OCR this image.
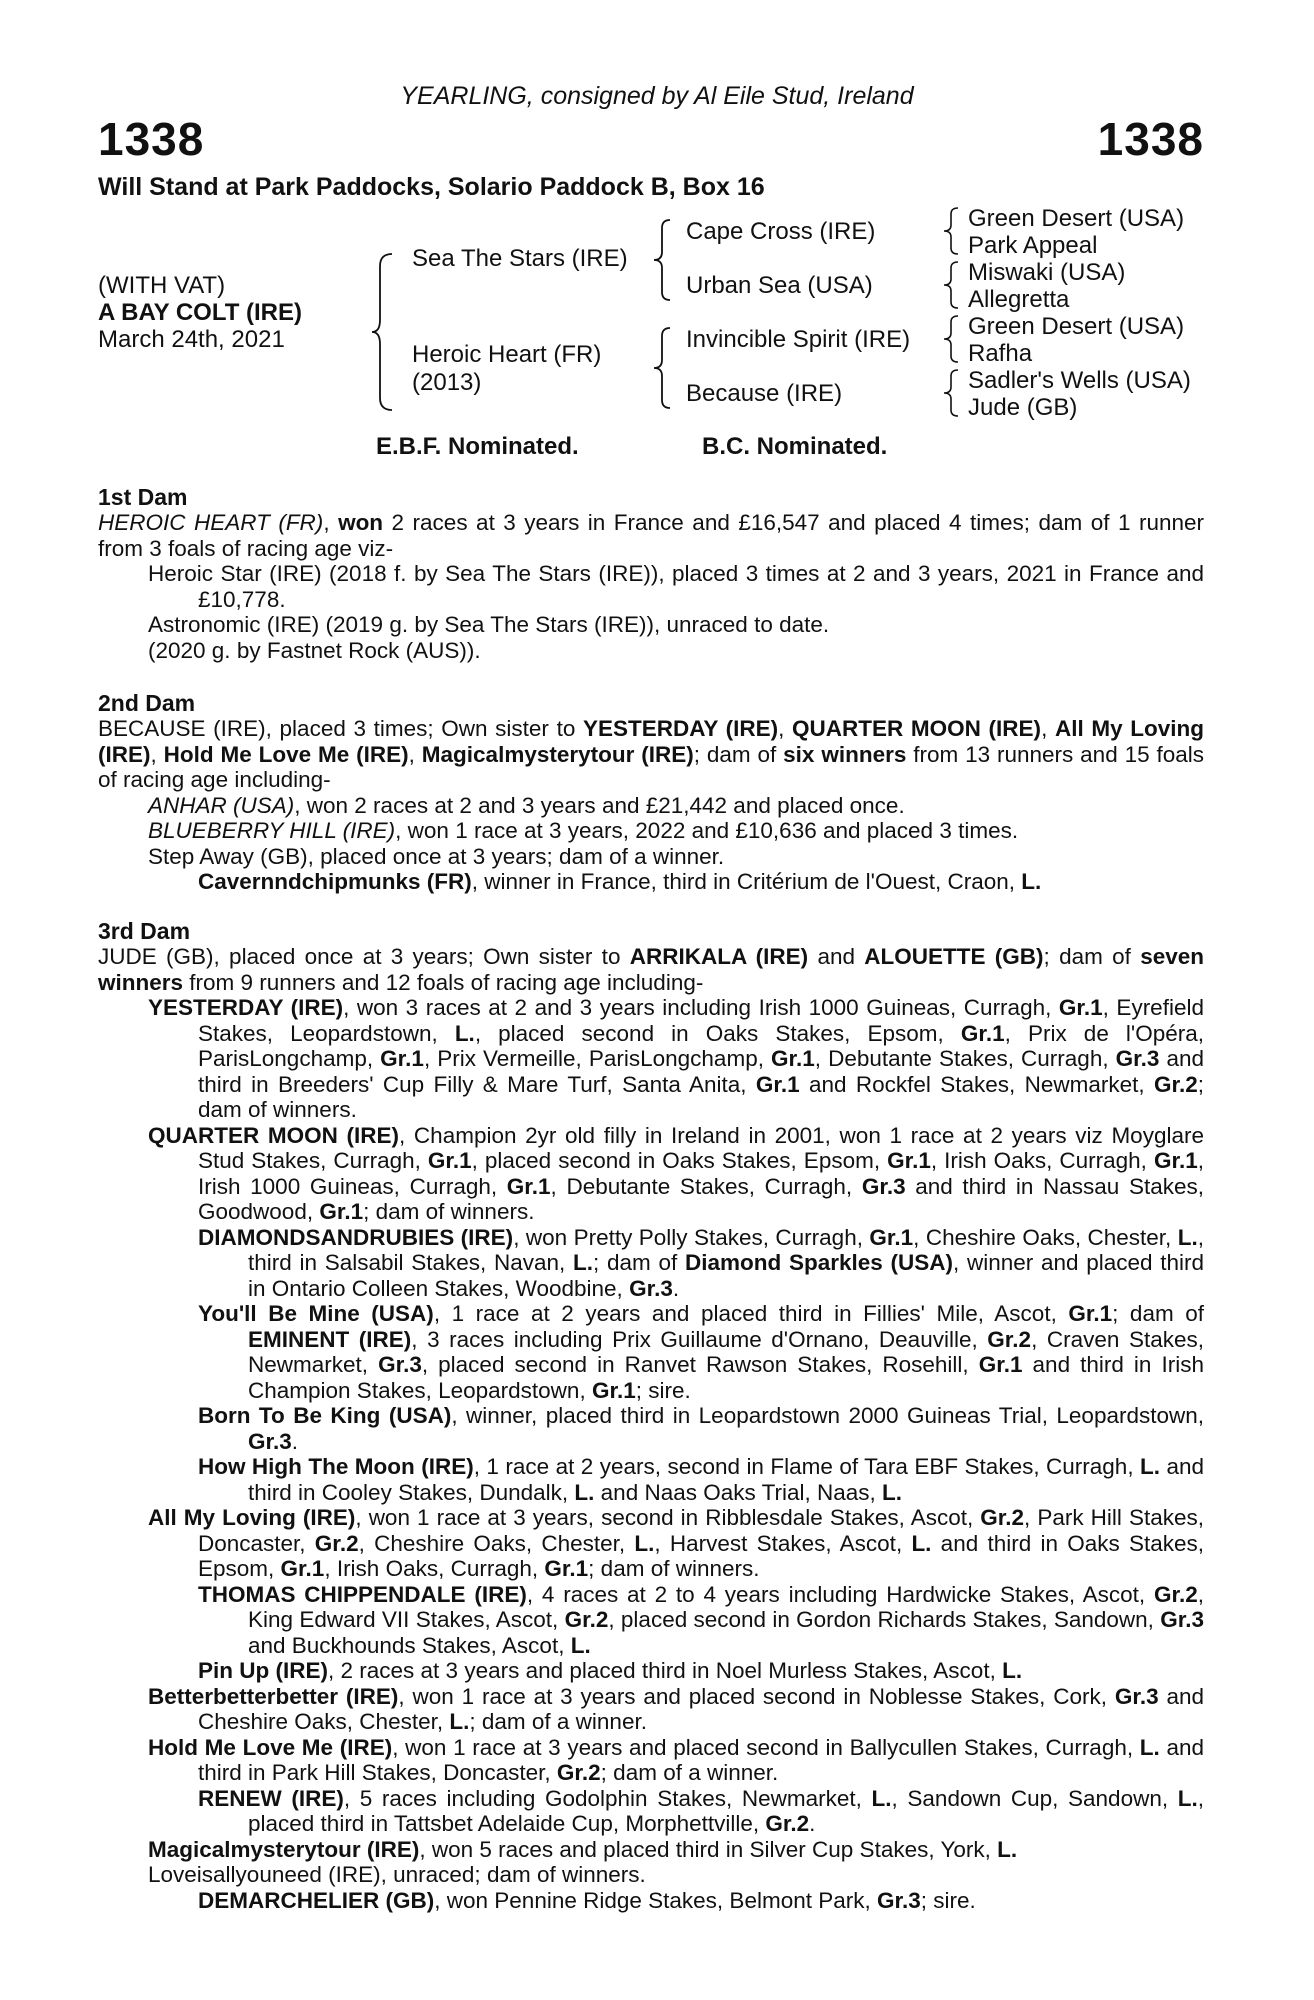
YEARLING, consigned by Al Eile Stud, Ireland
1338	1338
Will Stand at Park Paddocks, Solario Paddock B, Box 16
(WITH VAT)
A BAY COLT (IRE)
March 24th, 2021
Sea The Stars (IRE)
Heroic Heart (FR)
(2013)
Cape Cross (IRE)
Urban Sea (USA)
Invincible Spirit (IRE)
Because (IRE)
Green Desert (USA)
Park Appeal
Miswaki (USA)
Allegretta
Green Desert (USA)
Rafha
Sadler's Wells (USA)
Jude (GB)
E.B.F. Nominated.	B.C. Nominated.
1st Dam

HEROIC HEART (FR), won 2 races at 3 years in France and £16,547 and placed 4 times; dam of 1 runner from 3 foals of racing age viz-

Heroic Star (IRE) (2018 f. by Sea The Stars (IRE)), placed 3 times at 2 and 3 years, 2021 in France and £10,778.

Astronomic (IRE) (2019 g. by Sea The Stars (IRE)), unraced to date.

(2020 g. by Fastnet Rock (AUS)).

2nd Dam

BECAUSE (IRE), placed 3 times; Own sister to YESTERDAY (IRE), QUARTER MOON (IRE), All My Loving (IRE), Hold Me Love Me (IRE), Magicalmysterytour (IRE); dam of six winners from 13 runners and 15 foals of racing age including-

ANHAR (USA), won 2 races at 2 and 3 years and £21,442 and placed once.

BLUEBERRY HILL (IRE), won 1 race at 3 years, 2022 and £10,636 and placed 3 times.

Step Away (GB), placed once at 3 years; dam of a winner.

Cavernndchipmunks (FR), winner in France, third in Critérium de l'Ouest, Craon, L.

3rd Dam

JUDE (GB), placed once at 3 years; Own sister to ARRIKALA (IRE) and ALOUETTE (GB); dam of seven winners from 9 runners and 12 foals of racing age including-

YESTERDAY (IRE), won 3 races at 2 and 3 years including Irish 1000 Guineas, Curragh, Gr.1, Eyrefield Stakes, Leopardstown, L., placed second in Oaks Stakes, Epsom, Gr.1, Prix de l'Opéra, ParisLongchamp, Gr.1, Prix Vermeille, ParisLongchamp, Gr.1, Debutante Stakes, Curragh, Gr.3 and third in Breeders' Cup Filly & Mare Turf, Santa Anita, Gr.1 and Rockfel Stakes, Newmarket, Gr.2; dam of winners.

QUARTER MOON (IRE), Champion 2yr old filly in Ireland in 2001, won 1 race at 2 years viz Moyglare Stud Stakes, Curragh, Gr.1, placed second in Oaks Stakes, Epsom, Gr.1, Irish Oaks, Curragh, Gr.1, Irish 1000 Guineas, Curragh, Gr.1, Debutante Stakes, Curragh, Gr.3 and third in Nassau Stakes, Goodwood, Gr.1; dam of winners.

DIAMONDSANDRUBIES (IRE), won Pretty Polly Stakes, Curragh, Gr.1, Cheshire Oaks, Chester, L., third in Salsabil Stakes, Navan, L.; dam of Diamond Sparkles (USA), winner and placed third in Ontario Colleen Stakes, Woodbine, Gr.3.

You'll Be Mine (USA), 1 race at 2 years and placed third in Fillies' Mile, Ascot, Gr.1; dam of EMINENT (IRE), 3 races including Prix Guillaume d'Ornano, Deauville, Gr.2, Craven Stakes, Newmarket, Gr.3, placed second in Ranvet Rawson Stakes, Rosehill, Gr.1 and third in Irish Champion Stakes, Leopardstown, Gr.1; sire.

Born To Be King (USA), winner, placed third in Leopardstown 2000 Guineas Trial, Leopardstown, Gr.3.

How High The Moon (IRE), 1 race at 2 years, second in Flame of Tara EBF Stakes, Curragh, L. and third in Cooley Stakes, Dundalk, L. and Naas Oaks Trial, Naas, L.

All My Loving (IRE), won 1 race at 3 years, second in Ribblesdale Stakes, Ascot, Gr.2, Park Hill Stakes, Doncaster, Gr.2, Cheshire Oaks, Chester, L., Harvest Stakes, Ascot, L. and third in Oaks Stakes, Epsom, Gr.1, Irish Oaks, Curragh, Gr.1; dam of winners.

THOMAS CHIPPENDALE (IRE), 4 races at 2 to 4 years including Hardwicke Stakes, Ascot, Gr.2, King Edward VII Stakes, Ascot, Gr.2, placed second in Gordon Richards Stakes, Sandown, Gr.3 and Buckhounds Stakes, Ascot, L.

Pin Up (IRE), 2 races at 3 years and placed third in Noel Murless Stakes, Ascot, L.

Betterbetterbetter (IRE), won 1 race at 3 years and placed second in Noblesse Stakes, Cork, Gr.3 and Cheshire Oaks, Chester, L.; dam of a winner.

Hold Me Love Me (IRE), won 1 race at 3 years and placed second in Ballycullen Stakes, Curragh, L. and third in Park Hill Stakes, Doncaster, Gr.2; dam of a winner.

RENEW (IRE), 5 races including Godolphin Stakes, Newmarket, L., Sandown Cup, Sandown, L., placed third in Tattsbet Adelaide Cup, Morphettville, Gr.2.

Magicalmysterytour (IRE), won 5 races and placed third in Silver Cup Stakes, York, L.

Loveisallyouneed (IRE), unraced; dam of winners.

DEMARCHELIER (GB), won Pennine Ridge Stakes, Belmont Park, Gr.3; sire.
